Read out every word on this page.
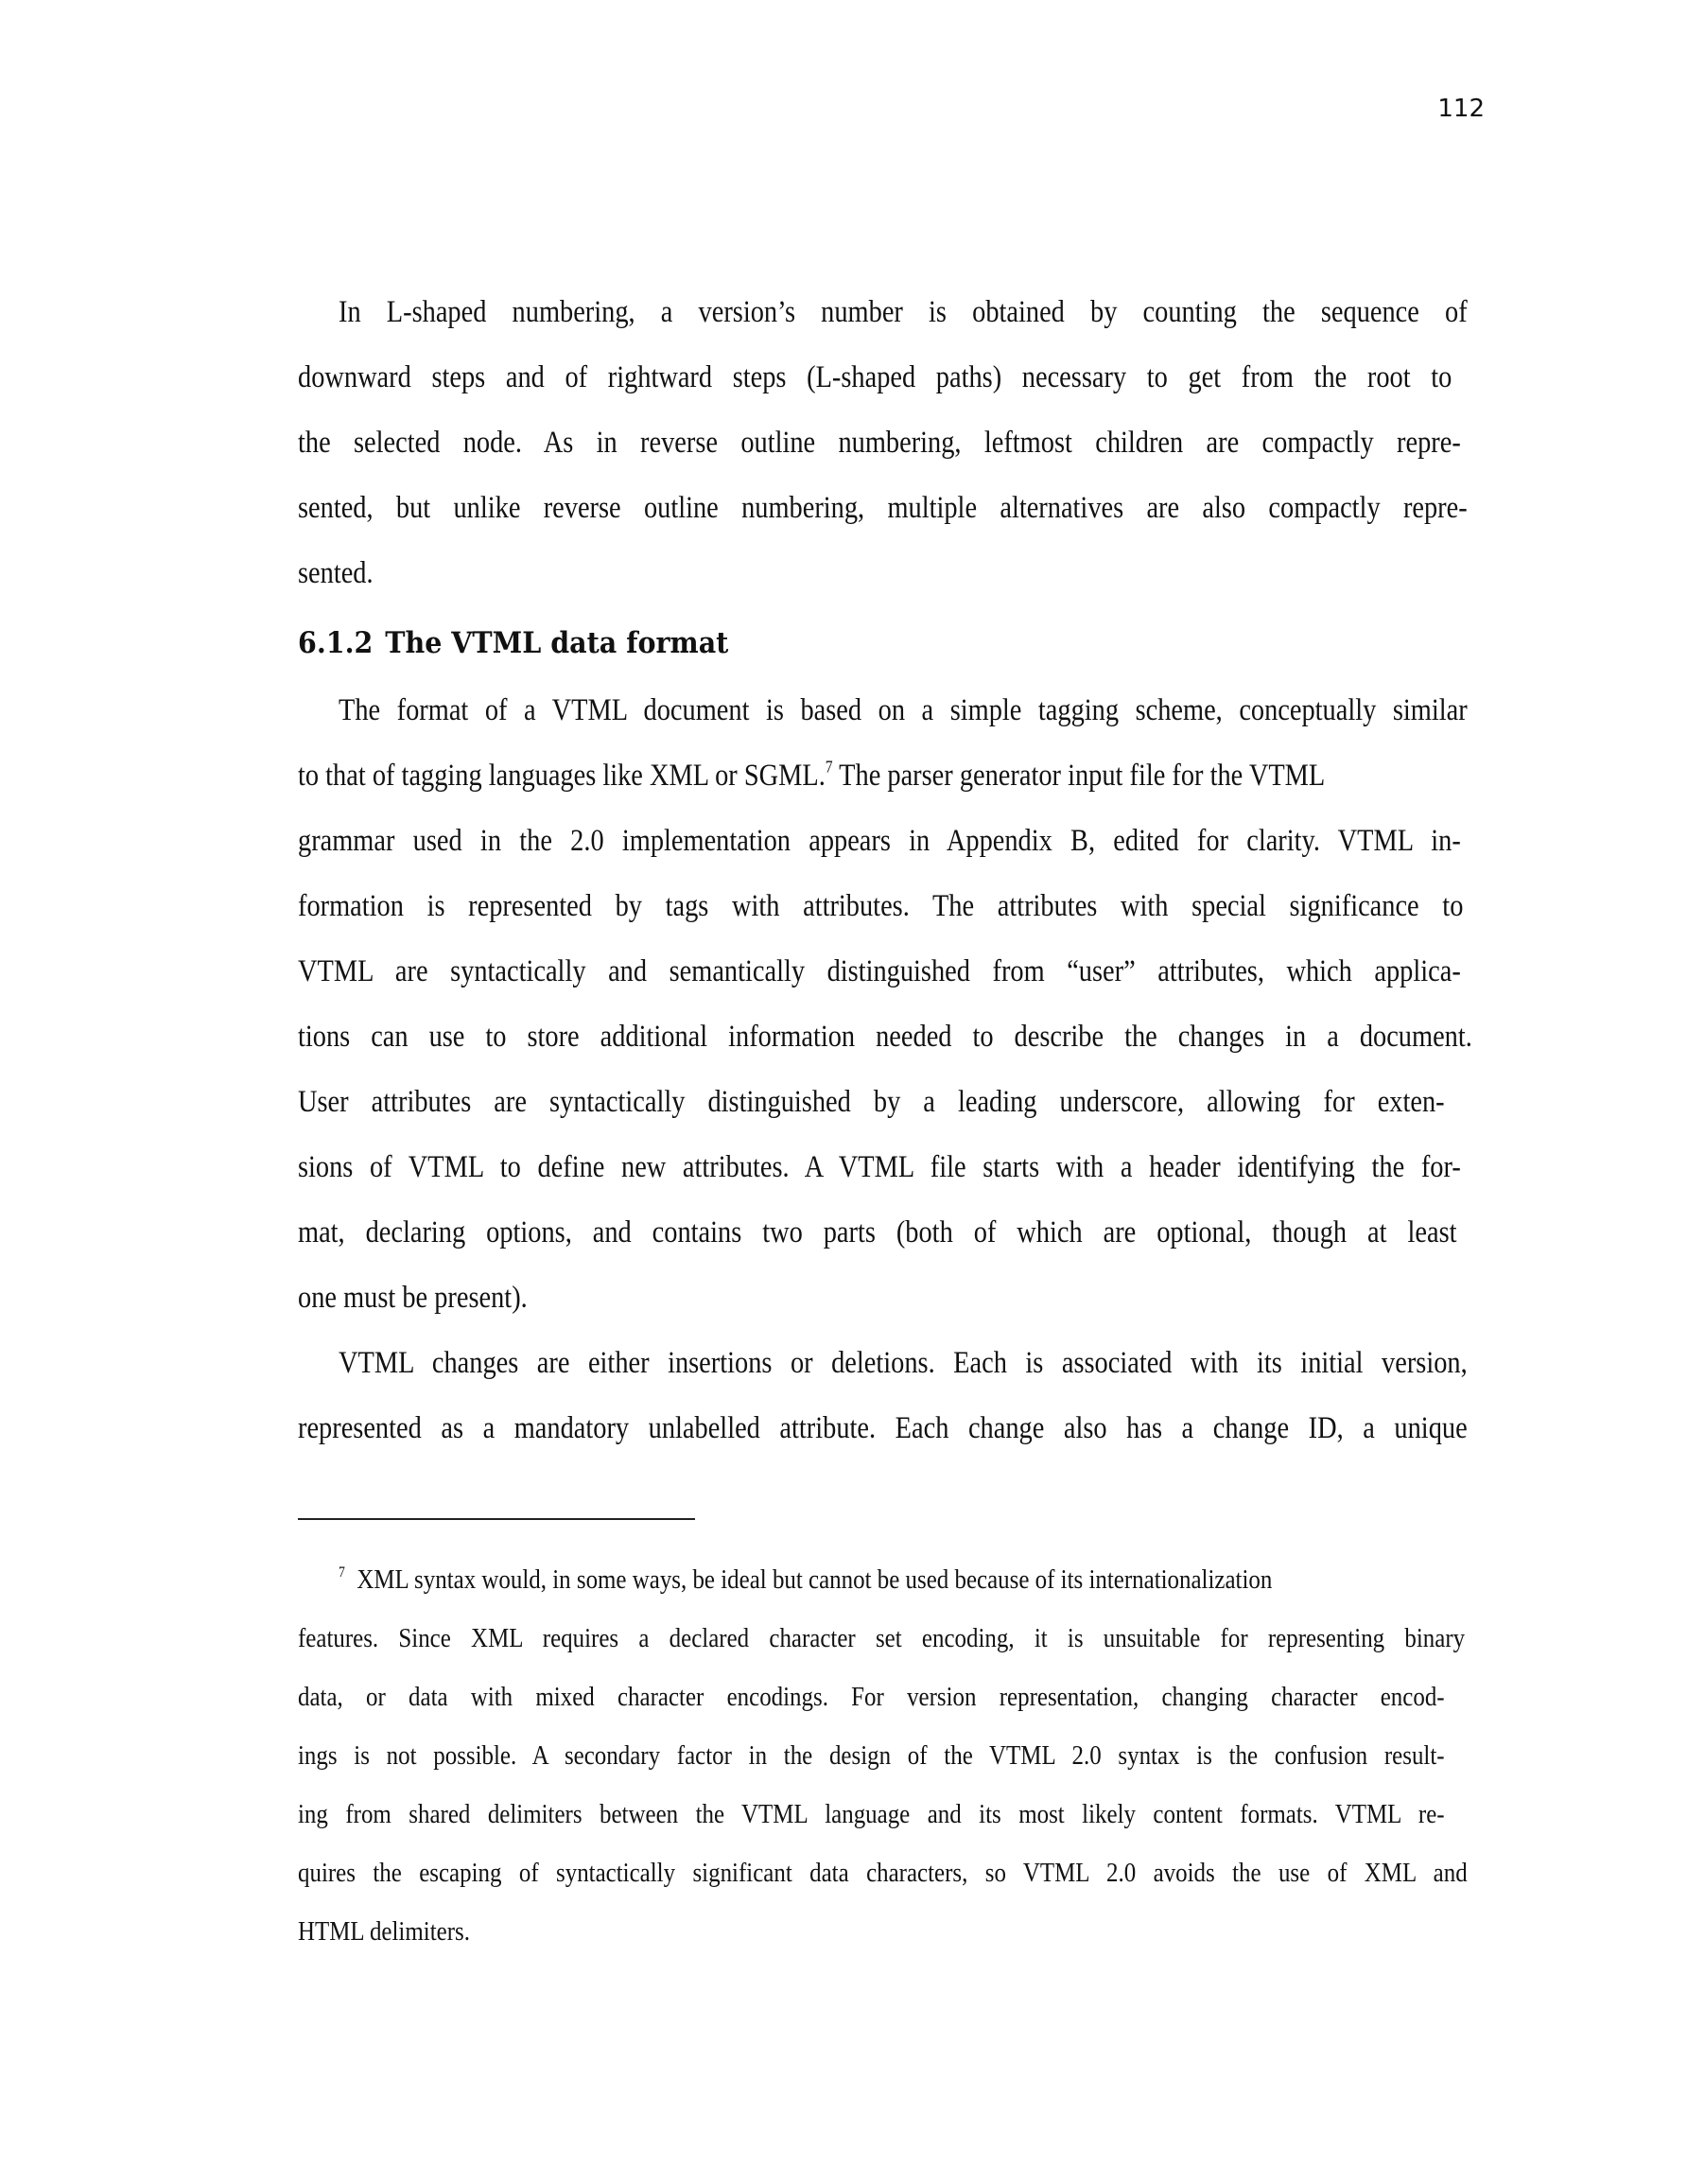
112
In L-shaped numbering, a version’s number is obtained by counting the sequence of
downward steps and of rightward steps (L-shaped paths) necessary to get from the root to
the selected node. As in reverse outline numbering, leftmost children are compactly repre-
sented, but unlike reverse outline numbering, multiple alternatives are also compactly repre-
sented.
6.1.2 The VTML data format
The format of a VTML document is based on a simple tagging scheme, conceptually similar
to that of tagging languages like XML or SGML.$^7$ The parser generator input file for the VTML
grammar used in the 2.0 implementation appears in Appendix B, edited for clarity. VTML in-
formation is represented by tags with attributes. The attributes with special significance to
VTML are syntactically and semantically distinguished from “user” attributes, which applica-
tions can use to store additional information needed to describe the changes in a document.
User attributes are syntactically distinguished by a leading underscore, allowing for exten-
sions of VTML to define new attributes. A VTML file starts with a header identifying the for-
mat, declaring options, and contains two parts (both of which are optional, though at least
one must be present).
VTML changes are either insertions or deletions. Each is associated with its initial version,
represented as a mandatory unlabelled attribute. Each change also has a change ID, a unique
$^7$ XML syntax would, in some ways, be ideal but cannot be used because of its internationalization
features. Since XML requires a declared character set encoding, it is unsuitable for representing binary
data, or data with mixed character encodings. For version representation, changing character encod-
ings is not possible. A secondary factor in the design of the VTML 2.0 syntax is the confusion result-
ing from shared delimiters between the VTML language and its most likely content formats. VTML re-
quires the escaping of syntactically significant data characters, so VTML 2.0 avoids the use of XML and
HTML delimiters.
